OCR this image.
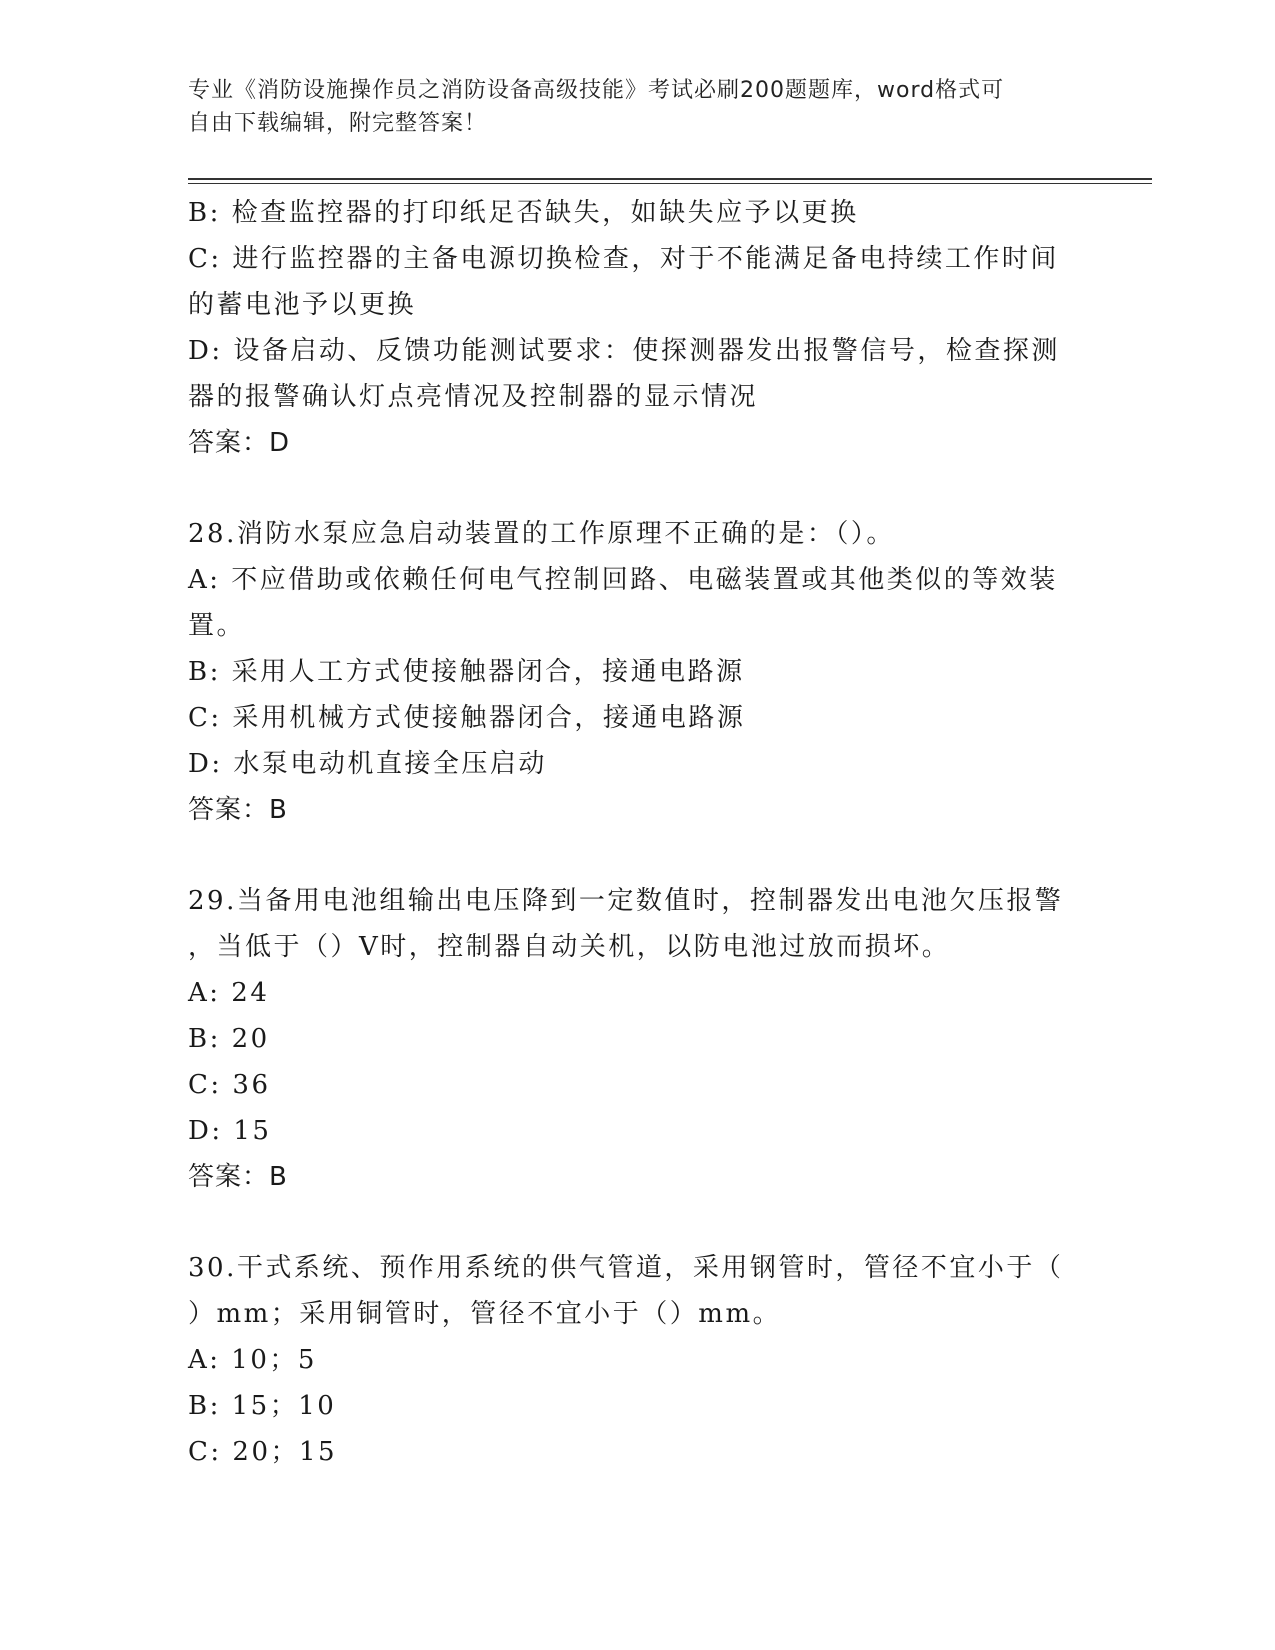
专业《消防设施操作员之消防设备高级技能》考试必刷200题题库，word格式可
自由下载编辑，附完整答案！

B: 检查监控器的打印纸足否缺失，如缺失应予以更换

C: 进行监控器的主备电源切换检查，对于不能满足备电持续工作时间

的蓄电池予以更换

D: 设备启动、反馈功能测试要求：使探测器发出报警信号，检查探测

器的报警确认灯点亮情况及控制器的显示情况

答案：D

28.消防水泵应急启动装置的工作原理不正确的是：（）。

A: 不应借助或依赖任何电气控制回路、电磁装置或其他类似的等效装

置。

B: 采用人工方式使接触器闭合，接通电路源

C: 采用机械方式使接触器闭合，接通电路源

D: 水泵电动机直接全压启动

答案：B

29.当备用电池组输出电压降到一定数值时，控制器发出电池欠压报警

，当低于（）V时，控制器自动关机，以防电池过放而损坏。

A: 24

B: 20

C: 36

D: 15

答案：B

30.干式系统、预作用系统的供气管道，采用钢管时，管径不宜小于（

）mm；采用铜管时，管径不宜小于（）mm。

A: 10；5

B: 15；10

C: 20；15
